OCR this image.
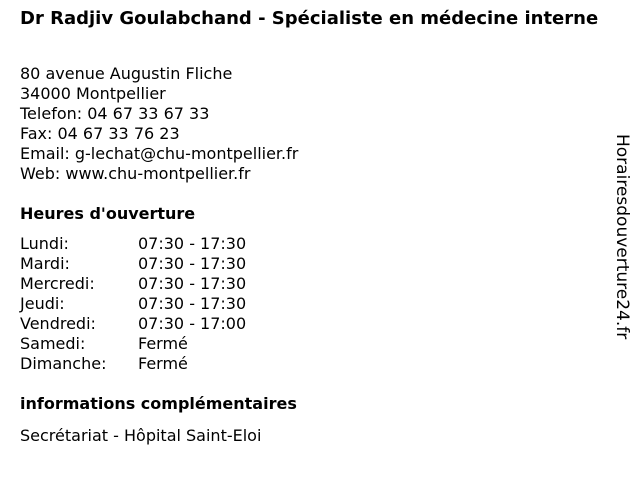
Dr Radjiv Goulabchand - Spécialiste en médecine interne
80 avenue Augustin Fliche
34000 Montpellier
Telefon: 04 67 33 67 33
Fax: 04 67 33 76 23
Email: g-lechat@chu-montpellier.fr
Web: www.chu-montpellier.fr
Heures d'ouverture
Lundi:	07:30 - 17:30
Mardi:	07:30 - 17:30
Mercredi:	07:30 - 17:30
Jeudi:	07:30 - 17:30
Vendredi:	07:30 - 17:00
Samedi:	Fermé
Dimanche: Fermé
informations complémentaires
Secrétariat - Hôpital Saint-Eloi
Horairesdouverture24.fr
